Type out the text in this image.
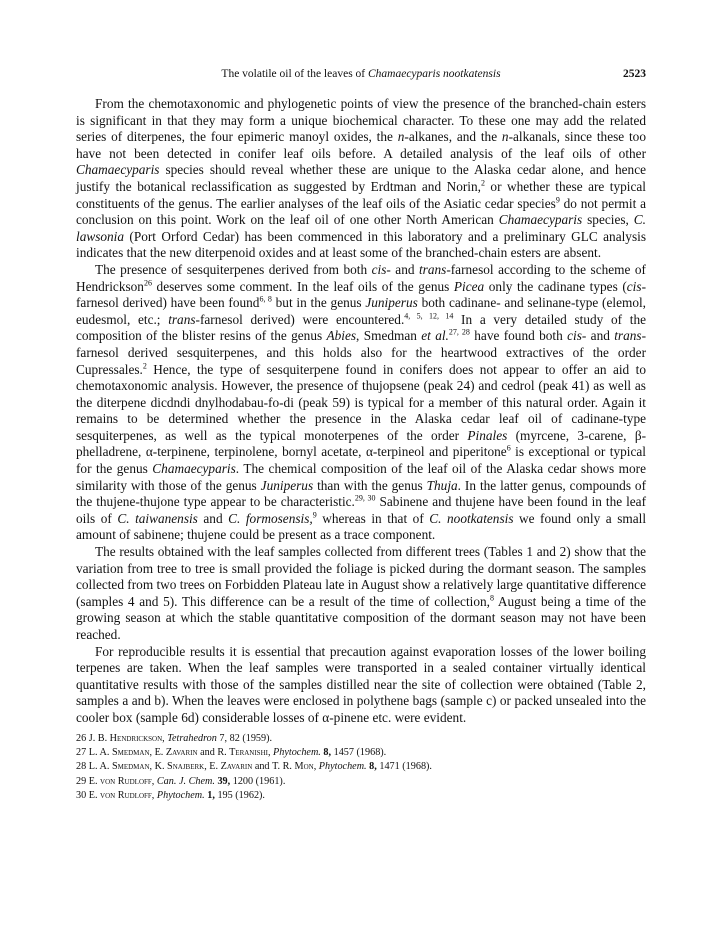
The volatile oil of the leaves of Chamaecyparis nootkatensis	2523

From the chemotaxonomic and phylogenetic points of view the presence of the branched-chain esters is significant in that they may form a unique biochemical character. To these one may add the related series of diterpenes, the four epimeric manoyl oxides, the n-alkanes, and the n-alkanals, since these too have not been detected in conifer leaf oils before. A detailed analysis of the leaf oils of other Chamaecyparis species should reveal whether these are unique to the Alaska cedar alone, and hence justify the botanical reclassification as suggested by Erdtman and Norin,$^2$ or whether these are typical constituents of the genus. The earlier analyses of the leaf oils of the Asiatic cedar species$^9$ do not permit a conclusion on this point. Work on the leaf oil of one other North American Chamaecyparis species, C. lawsonia (Port Orford Cedar) has been commenced in this laboratory and a preliminary GLC analysis indicates that the new diterpenoid oxides and at least some of the branched-chain esters are absent.

The presence of sesquiterpenes derived from both cis- and trans-farnesol according to the scheme of Hendrickson$^{26}$ deserves some comment. In the leaf oils of the genus Picea only the cadinane types (cis-farnesol derived) have been found$^{6, 8}$ but in the genus Juniperus both cadinane- and selinane-type (elemol, eudesmol, etc.; trans-farnesol derived) were encountered.$^{4, 5, 12, 14}$ In a very detailed study of the composition of the blister resins of the genus Abies, Smedman et al.$^{27, 28}$ have found both cis- and trans-farnesol derived sesquiterpenes, and this holds also for the heartwood extractives of the order Cupressales.$^2$ Hence, the type of sesquiterpene found in conifers does not appear to offer an aid to chemotaxonomic analysis. However, the presence of thujopsene (peak 24) and cedrol (peak 41) as well as the diterpene dicdndi dnylhodabau-fo-di (peak 59) is typical for a member of this natural order. Again it remains to be determined whether the presence in the Alaska cedar leaf oil of cadinane-type sesquiterpenes, as well as the typical monoterpenes of the order Pinales (myrcene, 3-carene, β-phelladrene, α-terpinene, terpinolene, bornyl acetate, α-terpineol and piperitone$^6$ is exceptional or typical for the genus Chamaecyparis. The chemical composition of the leaf oil of the Alaska cedar shows more similarity with those of the genus Juniperus than with the genus Thuja. In the latter genus, compounds of the thujene-thujone type appear to be characteristic.$^{29, 30}$ Sabinene and thujene have been found in the leaf oils of C. taiwanensis and C. formosensis,$^9$ whereas in that of C. nootkatensis we found only a small amount of sabinene; thujene could be present as a trace component.

The results obtained with the leaf samples collected from different trees (Tables 1 and 2) show that the variation from tree to tree is small provided the foliage is picked during the dormant season. The samples collected from two trees on Forbidden Plateau late in August show a relatively large quantitative difference (samples 4 and 5). This difference can be a result of the time of collection,$^8$ August being a time of the growing season at which the stable quantitative composition of the dormant season may not have been reached.

For reproducible results it is essential that precaution against evaporation losses of the lower boiling terpenes are taken. When the leaf samples were transported in a sealed container virtually identical quantitative results with those of the samples distilled near the site of collection were obtained (Table 2, samples a and b). When the leaves were enclosed in polythene bags (sample c) or packed unsealed into the cooler box (sample 6d) considerable losses of α-pinene etc. were evident.

26 J. B. Hendrickson, Tetrahedron 7, 82 (1959).
27 L. A. Smedman, E. Zavarin and R. Teranishi, Phytochem. 8, 1457 (1968).
28 L. A. Smedman, K. Snajberk, E. Zavarin and T. R. Mon, Phytochem. 8, 1471 (1968).
29 E. von Rudloff, Can. J. Chem. 39, 1200 (1961).
30 E. von Rudloff, Phytochem. 1, 195 (1962).
